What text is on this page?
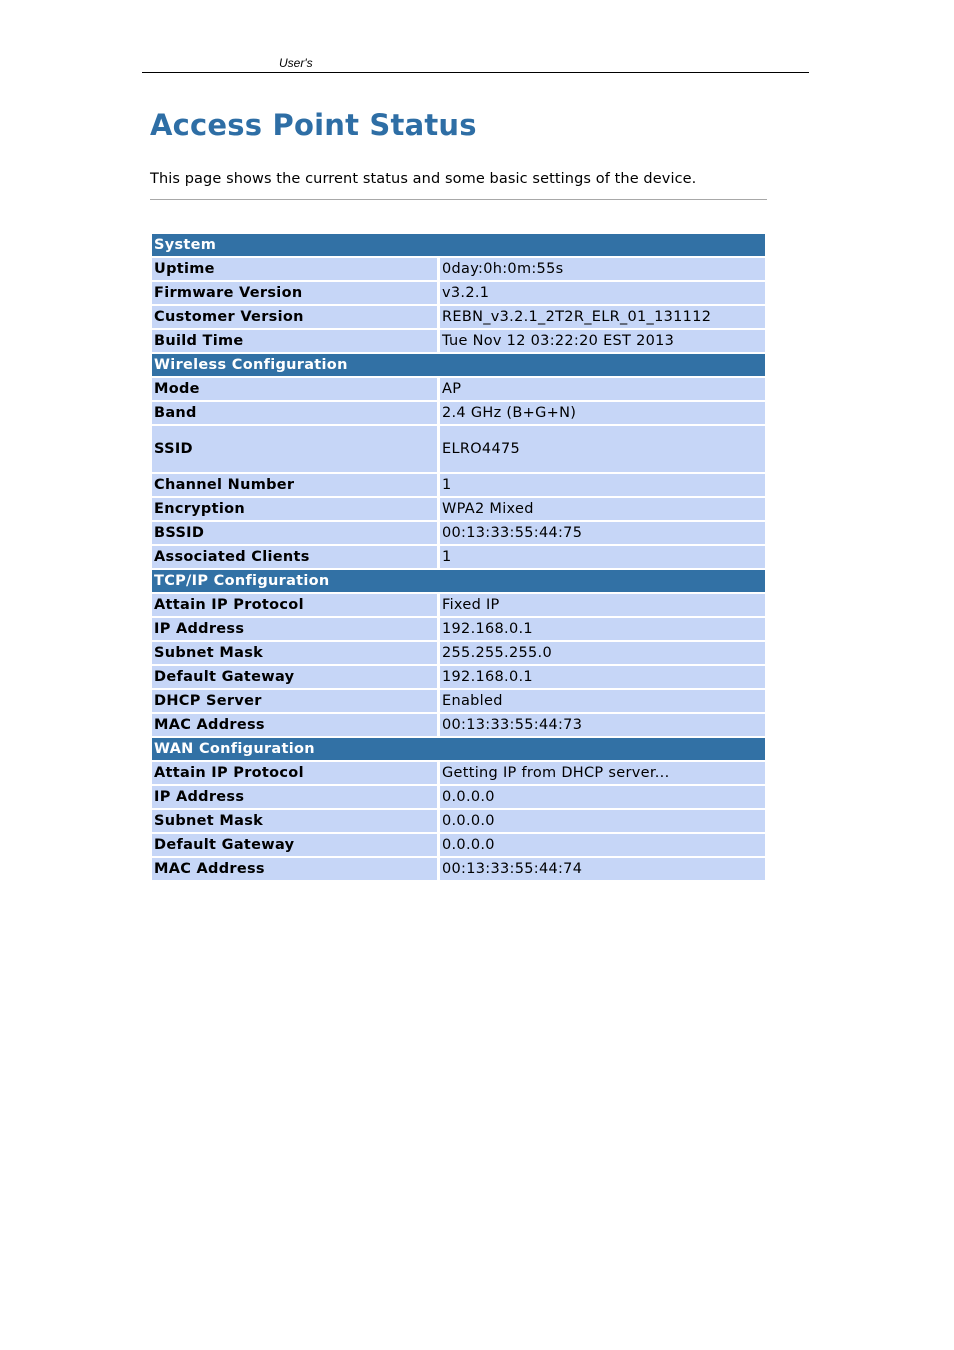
User's
Access Point Status

This page shows the current status and some basic settings of the device.

System
Uptime	0day:0h:0m:55s
Firmware Version	v3.2.1
Customer Version	REBN_v3.2.1_2T2R_ELR_01_131112
Build Time	Tue Nov 12 03:22:20 EST 2013
Wireless Configuration
Mode	AP
Band	2.4 GHz (B+G+N)
SSID	ELRO4475
Channel Number	1
Encryption	WPA2 Mixed
BSSID	00:13:33:55:44:75
Associated Clients	1
TCP/IP Configuration
Attain IP Protocol	Fixed IP
IP Address	192.168.0.1
Subnet Mask	255.255.255.0
Default Gateway	192.168.0.1
DHCP Server	Enabled
MAC Address	00:13:33:55:44:73
WAN Configuration
Attain IP Protocol	Getting IP from DHCP server...
IP Address	0.0.0.0
Subnet Mask	0.0.0.0
Default Gateway	0.0.0.0
MAC Address	00:13:33:55:44:74
